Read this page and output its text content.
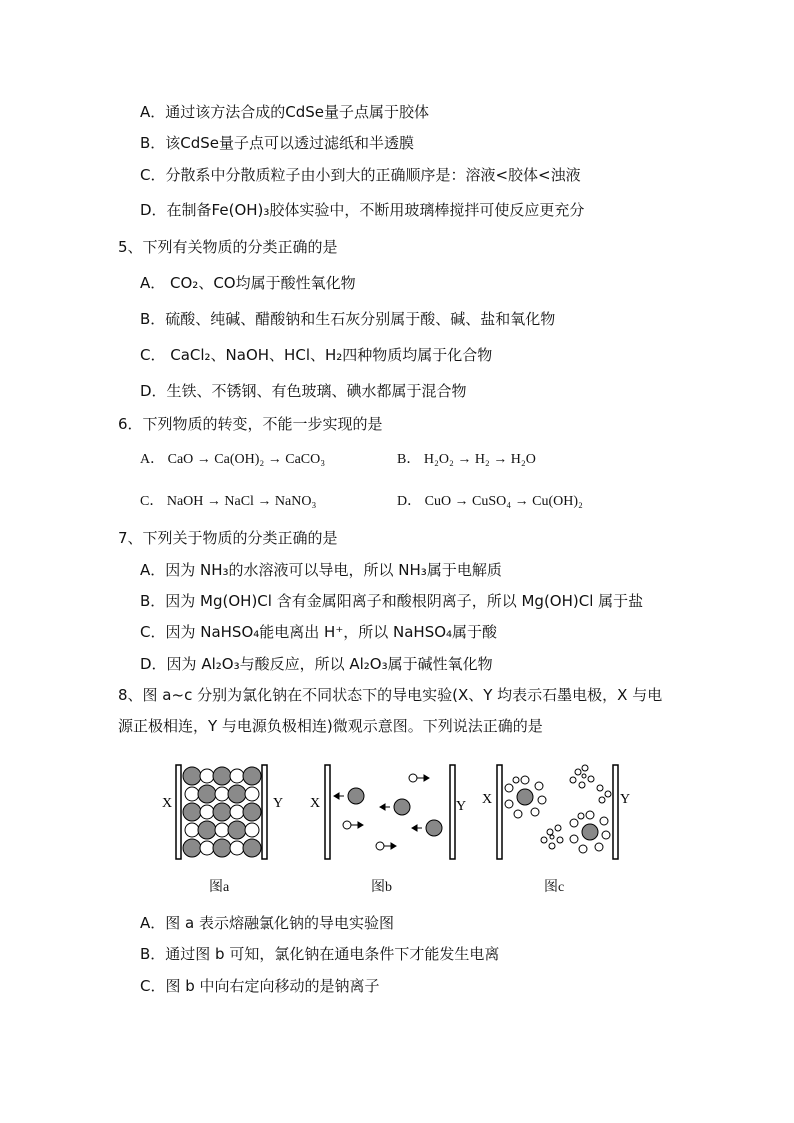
A．通过该方法合成的CdSe量子点属于胶体
B．该CdSe量子点可以透过滤纸和半透膜
C．分散系中分散质粒子由小到大的正确顺序是：溶液<胶体<浊液
D．在制备Fe(OH)₃胶体实验中，不断用玻璃棒搅拌可使反应更充分
5、下列有关物质的分类正确的是
A． CO₂、CO均属于酸性氧化物
B．硫酸、纯碱、醋酸钠和生石灰分别属于酸、碱、盐和氧化物
C． CaCl₂、NaOH、HCl、H₂四种物质均属于化合物
D．生铁、不锈钢、有色玻璃、碘水都属于混合物
6．下列物质的转变，不能一步实现的是
A． CaO → Ca(OH)₂ → CaCO₃	B． H₂O₂ → H₂ → H₂O
C． NaOH → NaCl → NaNO₃	D． CuO → CuSO₄ → Cu(OH)₂
7、下列关于物质的分类正确的是
A．因为 NH₃的水溶液可以导电，所以 NH₃属于电解质
B．因为 Mg(OH)Cl 含有金属阳离子和酸根阴离子，所以 Mg(OH)Cl 属于盐
C．因为 NaHSO₄能电离出 H⁺，所以 NaHSO₄属于酸
D．因为 Al₂O₃与酸反应，所以 Al₂O₃属于碱性氧化物
8、图 a~c 分别为氯化钠在不同状态下的导电实验(X、Y 均表示石墨电极，X 与电
源正极相连，Y 与电源负极相连)微观示意图。下列说法正确的是
X	Y X	Y X	Y
图a	图b	图c
A．图 a 表示熔融氯化钠的导电实验图
B．通过图 b 可知，氯化钠在通电条件下才能发生电离
C．图 b 中向右定向移动的是钠离子
